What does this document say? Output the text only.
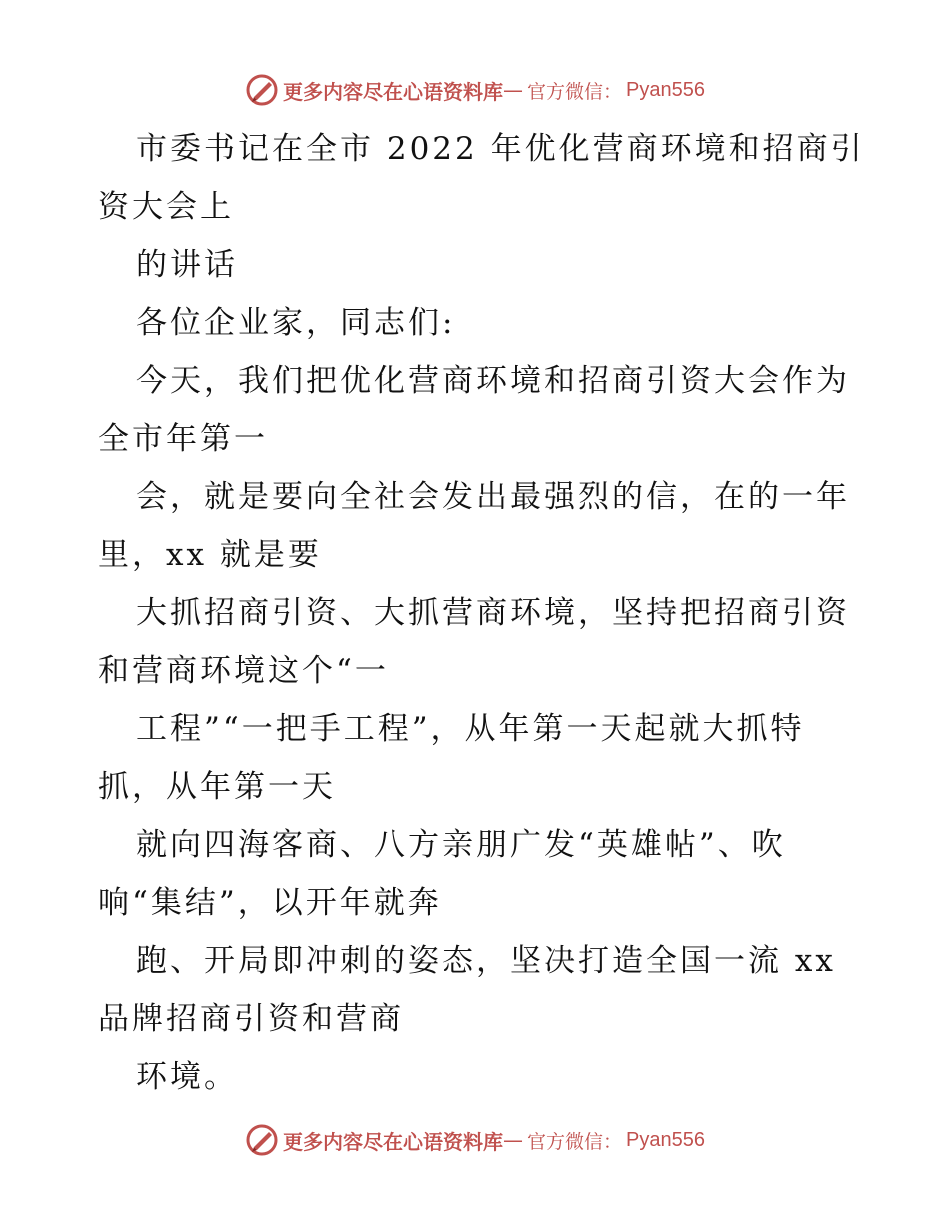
更多内容尽在心语资料库 — 官方微信： Pyan556
市委书记在全市 2022 年优化营商环境和招商引
资大会上
的讲话
各位企业家，同志们:
今天，我们把优化营商环境和招商引资大会作为
全市年第一
会，就是要向全社会发出最强烈的信，在的一年
里，xx 就是要
大抓招商引资、大抓营商环境，坚持把招商引资
和营商环境这个“一
工程”“一把手工程”，从年第一天起就大抓特
抓，从年第一天
就向四海客商、八方亲朋广发“英雄帖”、吹
响“集结”，以开年就奔
跑、开局即冲刺的姿态，坚决打造全国一流 xx
品牌招商引资和营商
环境。
更多内容尽在心语资料库 — 官方微信： Pyan556
